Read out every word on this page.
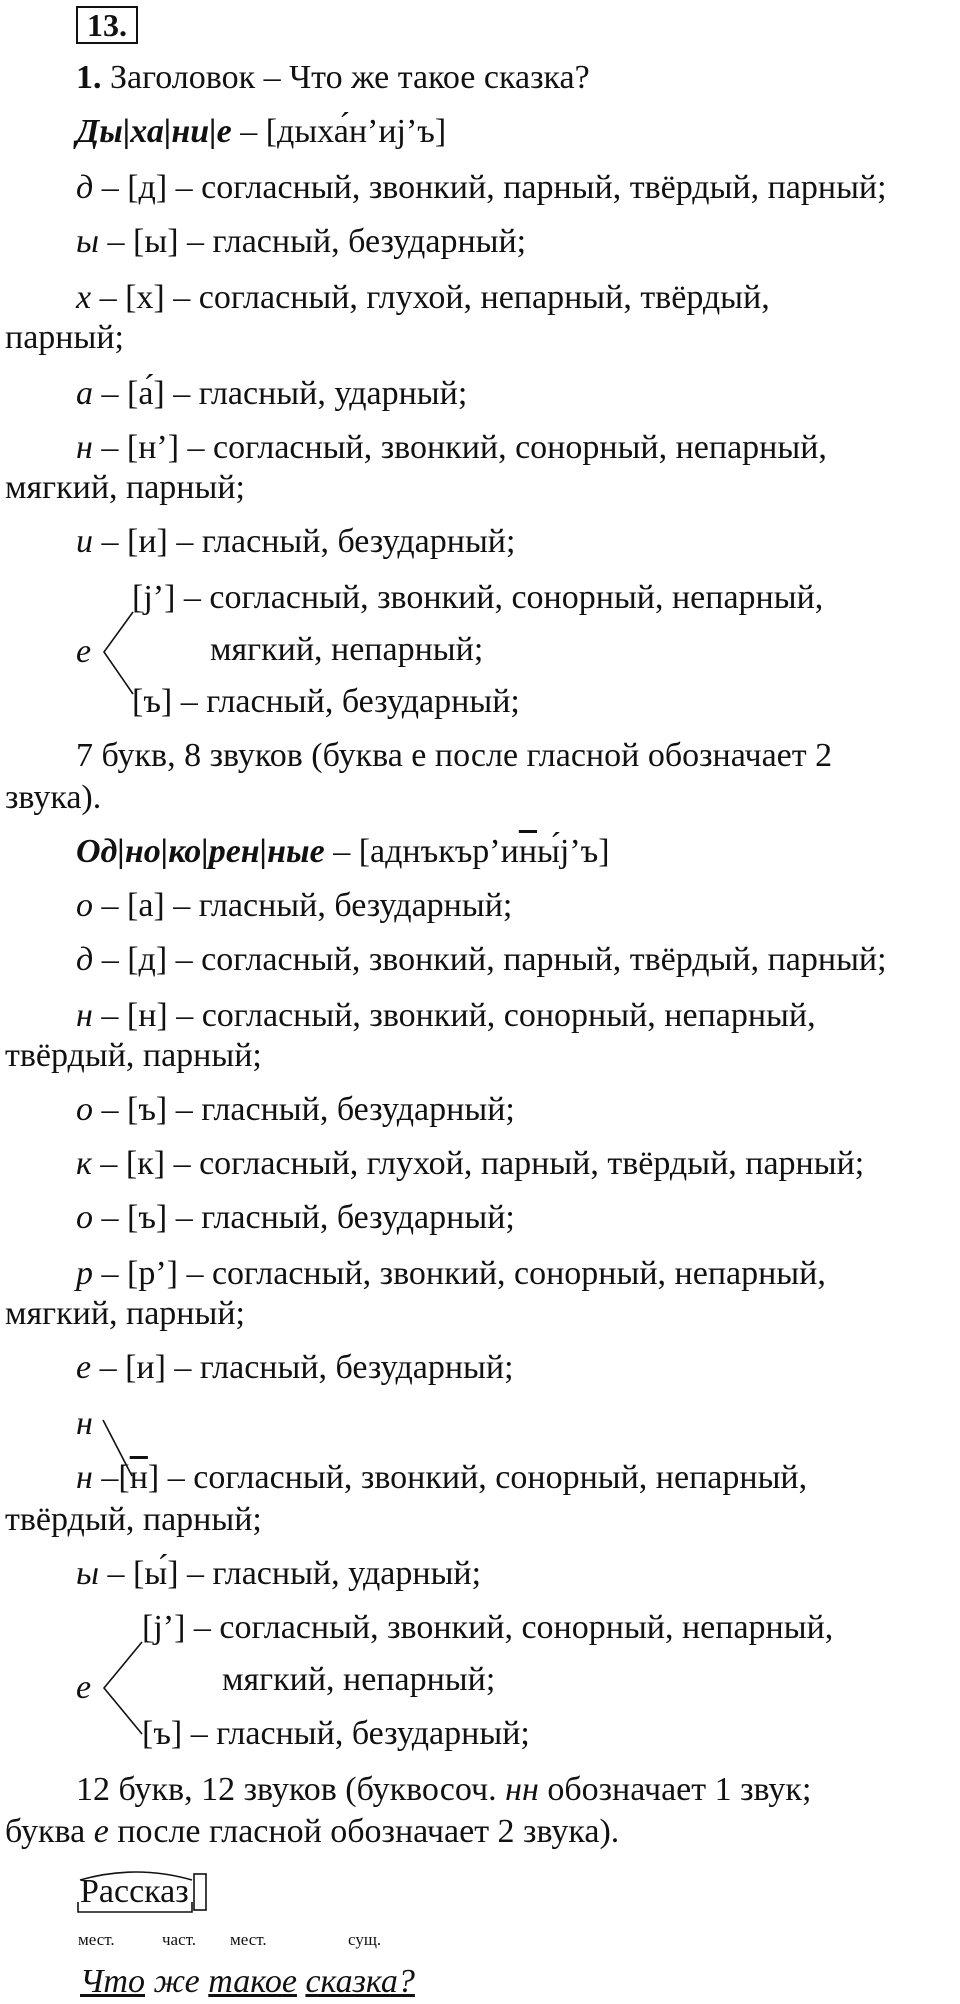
13.
1. Заголовок – Что же такое сказка?
Ды|ха|ни|е – [дыха́н’иj’ъ]
д – [д] – согласный, звонкий, парный, твёрдый, парный;
ы – [ы] – гласный, безударный;
х – [х] – согласный, глухой, непарный, твёрдый,
парный;
а – [а́] – гласный, ударный;
н – [н’] – согласный, звонкий, сонорный, непарный,
мягкий, парный;
и – [и] – гласный, безударный;
е
[j’] – согласный, звонкий, сонорный, непарный,
мягкий, непарный;
[ъ] – гласный, безударный;
7 букв, 8 звуков (буква е после гласной обозначает 2
звука).
Од|но|ко|рен|ные – [аднъкър’ины́j’ъ]
о – [а] – гласный, безударный;
д – [д] – согласный, звонкий, парный, твёрдый, парный;
н – [н] – согласный, звонкий, сонорный, непарный,
твёрдый, парный;
о – [ъ] – гласный, безударный;
к – [к] – согласный, глухой, парный, твёрдый, парный;
о – [ъ] – гласный, безударный;
р – [р’] – согласный, звонкий, сонорный, непарный,
мягкий, парный;
е – [и] – гласный, безударный;
н
н –[н] – согласный, звонкий, сонорный, непарный,
твёрдый, парный;
ы – [ы́] – гласный, ударный;
е
[j’] – согласный, звонкий, сонорный, непарный,
мягкий, непарный;
[ъ] – гласный, безударный;
12 букв, 12 звуков (буквосоч. нн обозначает 1 звук;
буква е после гласной обозначает 2 звука).
Рассказ
мест.	част. мест.	сущ.
Что же такое сказка?
